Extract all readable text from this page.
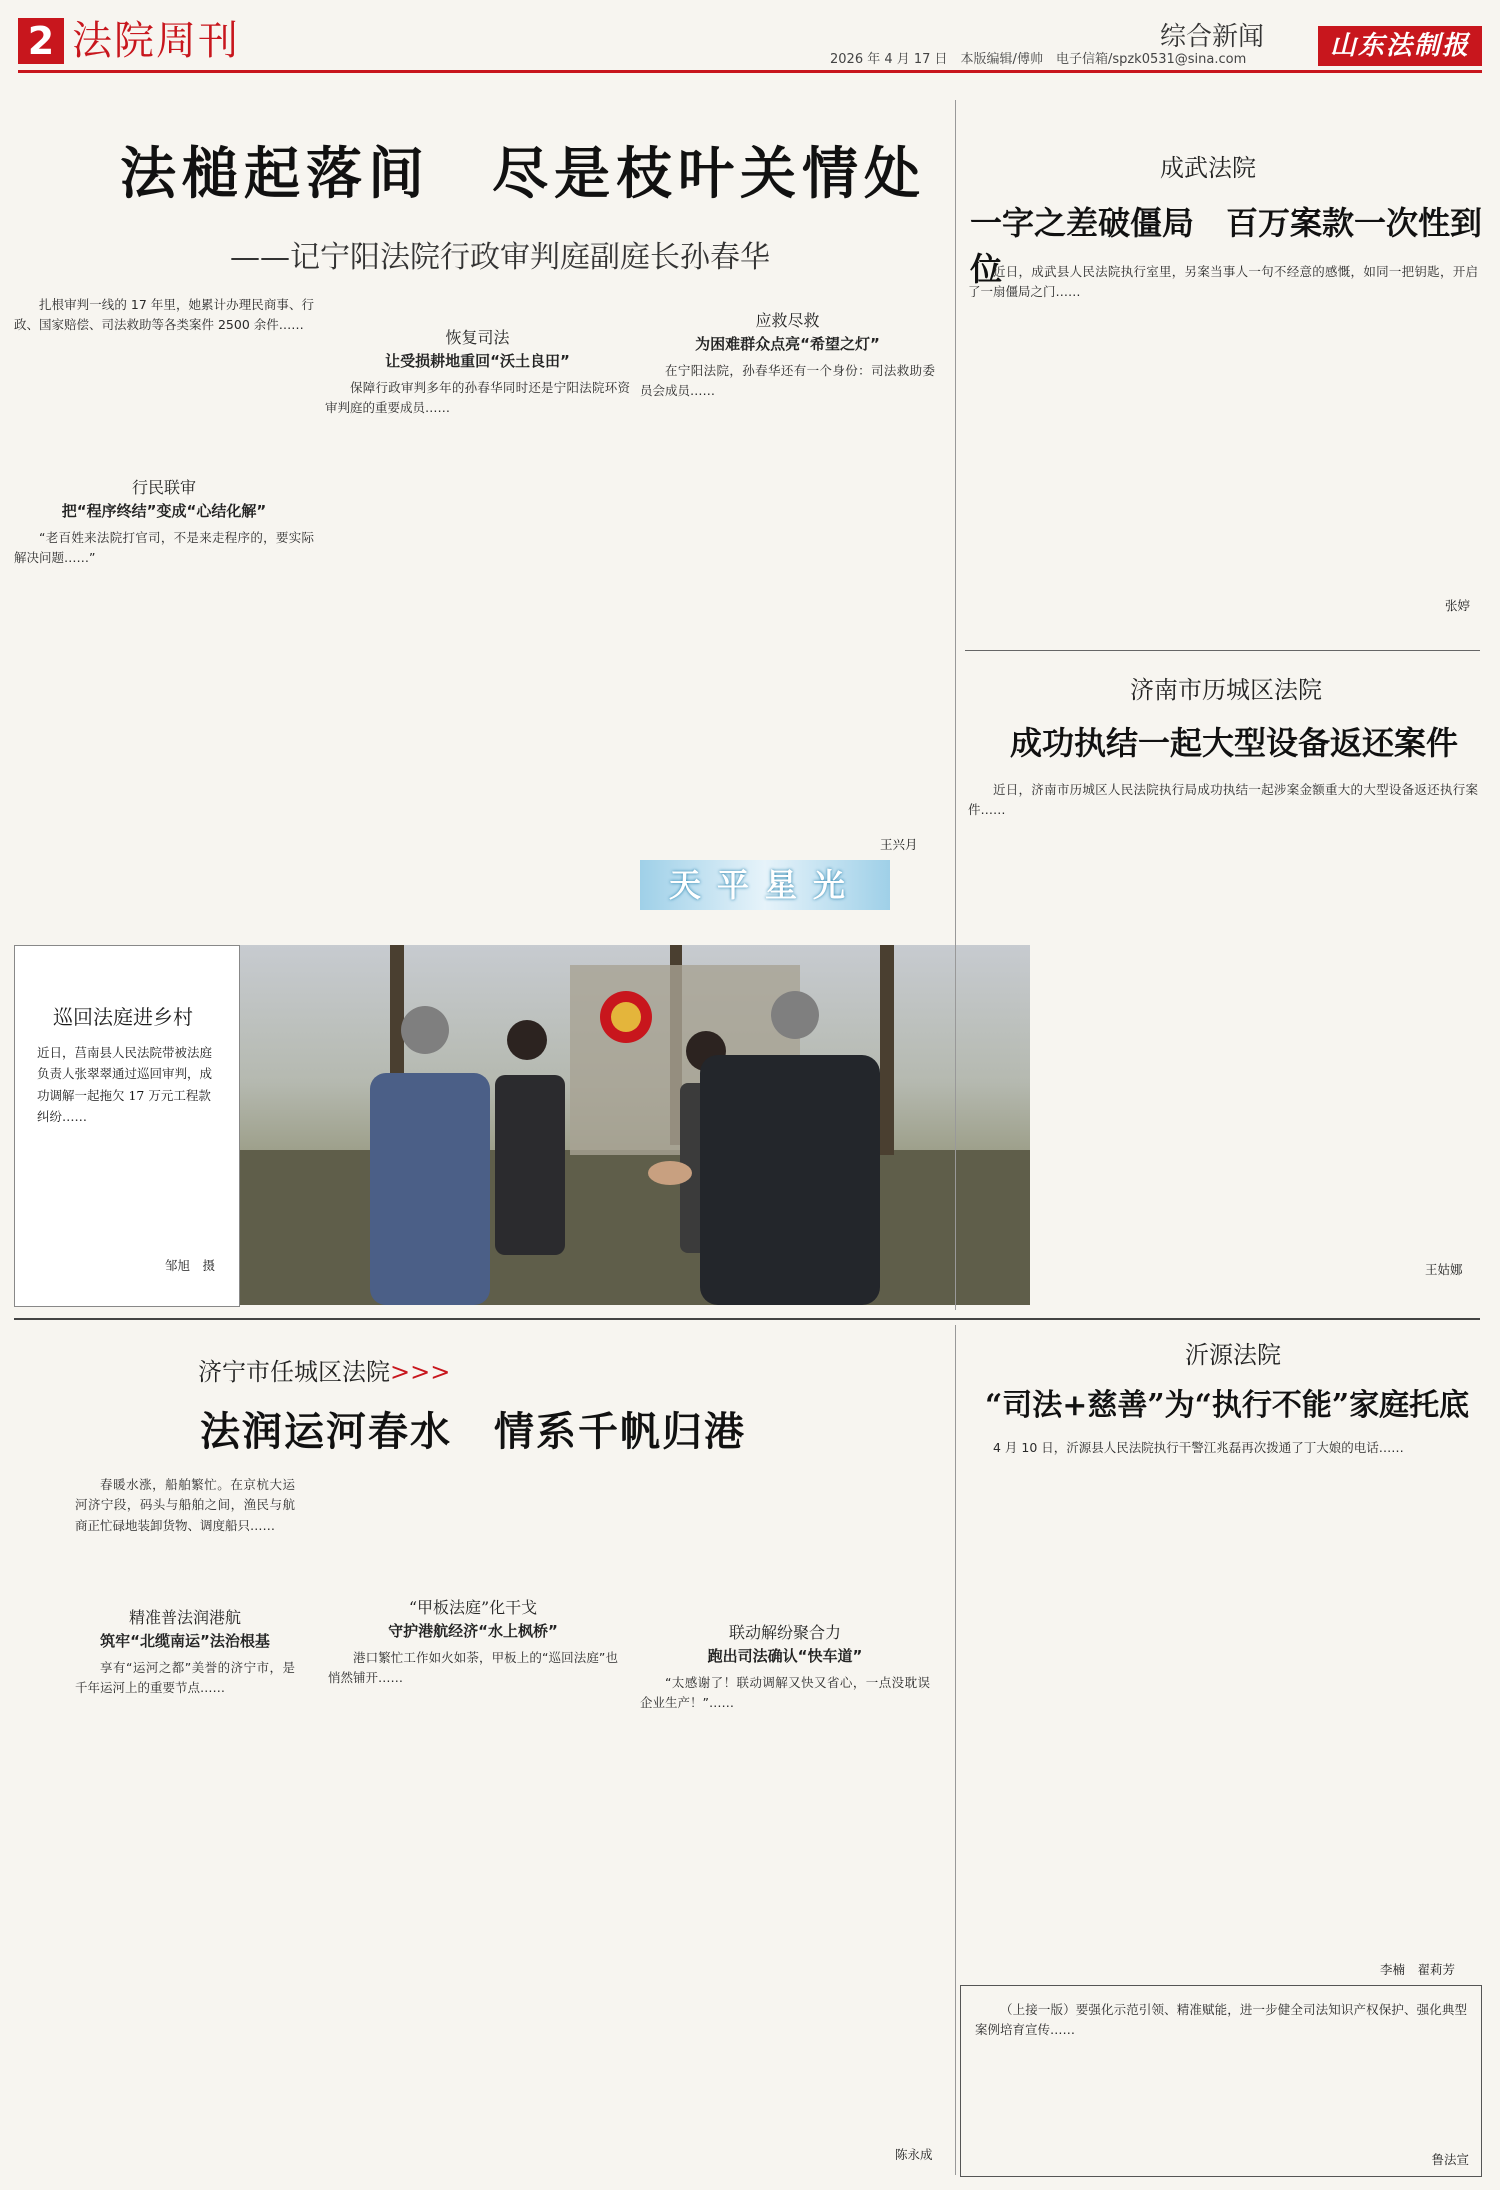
2 法院周刊	综合新闻
2026 年 4 月 17 日　本版编辑/傅帅　电子信箱/spzk0531@sina.com	山东法制报
法槌起落间　尽是枝叶关情处
——记宁阳法院行政审判庭副庭长孙春华

扎根审判一线的 17 年里，她累计办理民商事、行政、国家赔偿、司法救助等各类案件 2500 余件……

行民联审
把“程序终结”变成“心结化解”

“老百姓来法院打官司，不是来走程序的，要实际解决问题……”

恢复司法
让受损耕地重回“沃土良田”

保障行政审判多年的孙春华同时还是宁阳法院环资审判庭的重要成员……

应救尽救
为困难群众点亮“希望之灯”

在宁阳法院，孙春华还有一个身份：司法救助委员会成员……

王兴月
天平星光
巡回法庭进乡村
近日，莒南县人民法院带被法庭负责人张翠翠通过巡回审判，成功调解一起拖欠 17 万元工程款纠纷……
邹旭　摄
成武法院
一字之差破僵局　百万案款一次性到位

近日，成武县人民法院执行室里，另案当事人一句不经意的感慨，如同一把钥匙，开启了一扇僵局之门……

张婷
济南市历城区法院
成功执结一起大型设备返还案件

近日，济南市历城区人民法院执行局成功执结一起涉案金额重大的大型设备返还执行案件……

王姑娜
济宁市任城区法院>>>
法润运河春水　情系千帆归港

春暖水涨，船舶繁忙。在京杭大运河济宁段，码头与船舶之间，渔民与航商正忙碌地装卸货物、调度船只……

精准普法润港航
筑牢“北缆南运”法治根基

享有“运河之都”美誉的济宁市，是千年运河上的重要节点……

“甲板法庭”化干戈
守护港航经济“水上枫桥”

港口繁忙工作如火如荼，甲板上的“巡回法庭”也悄然铺开……

联动解纷聚合力
跑出司法确认“快车道”

“太感谢了！联动调解又快又省心，一点没耽误企业生产！”……

陈永成
沂源法院
“司法+慈善”为“执行不能”家庭托底

4 月 10 日，沂源县人民法院执行干警江兆磊再次拨通了丁大娘的电话……

李楠　翟莉芳

（上接一版）要强化示范引领、精准赋能，进一步健全司法知识产权保护、强化典型案例培育宣传……

鲁法宣
